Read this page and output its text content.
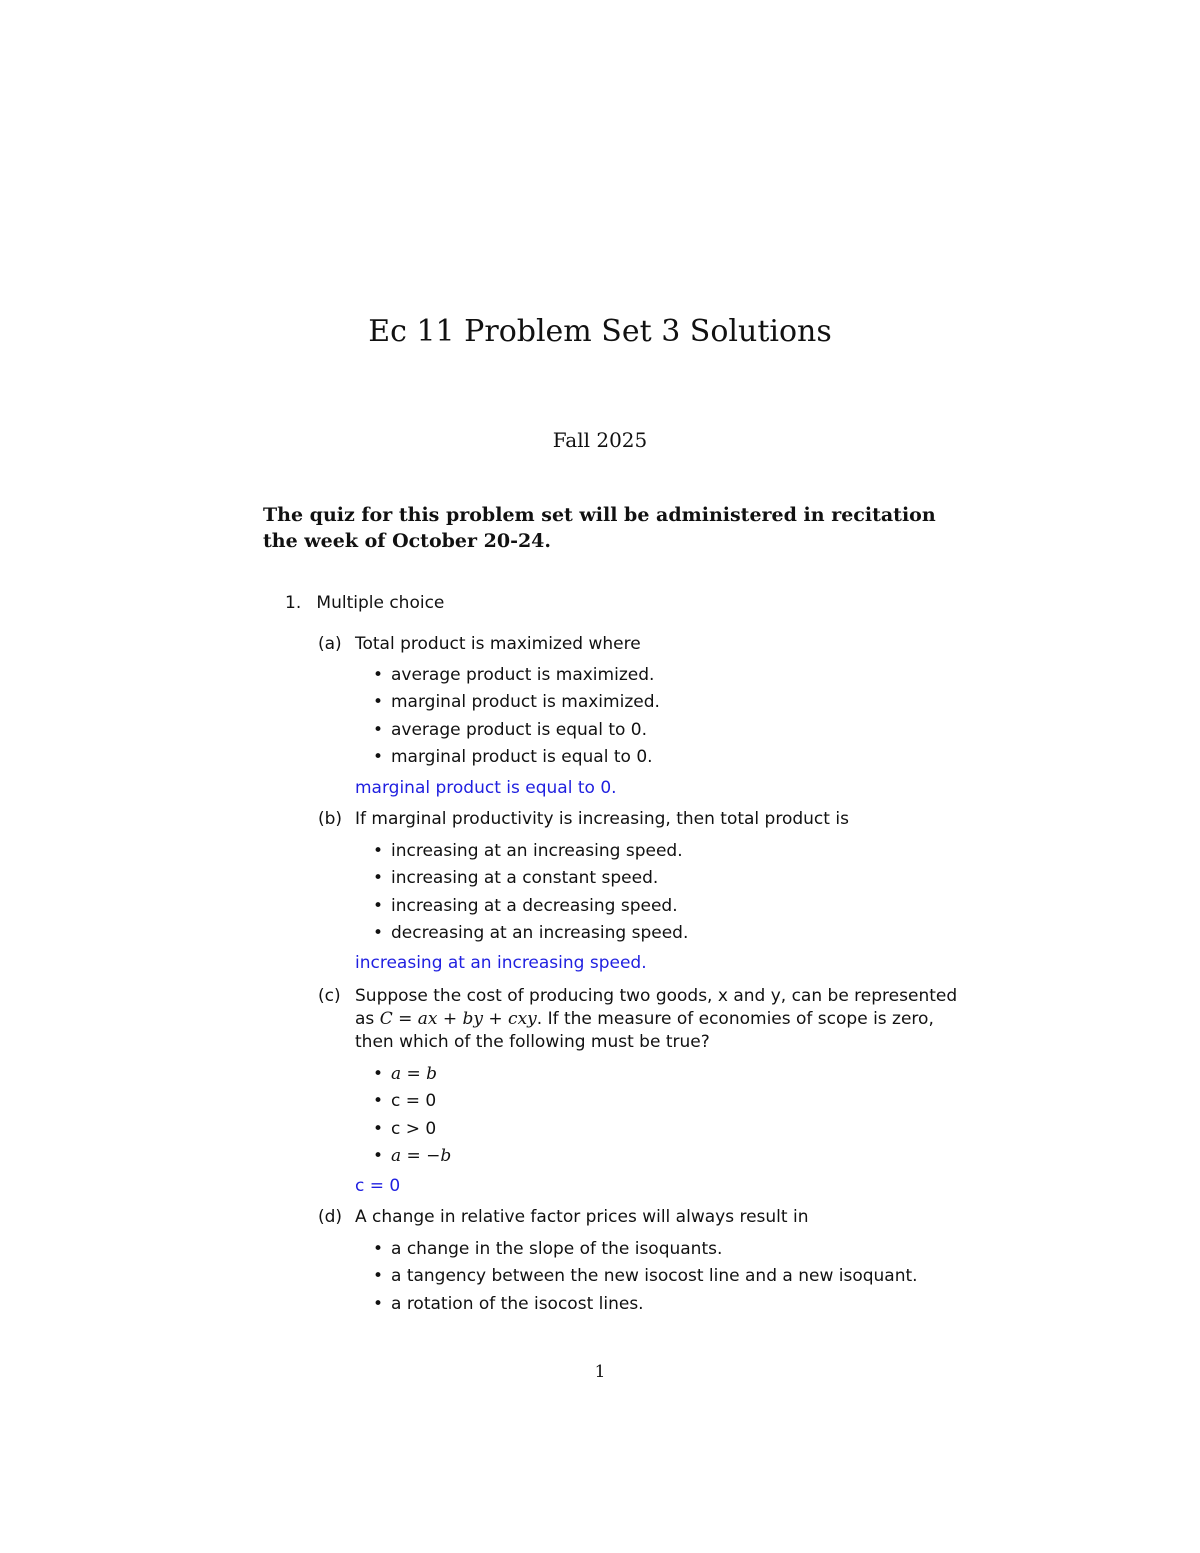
Ec 11 Problem Set 3 Solutions
Fall 2025

The quiz for this problem set will be administered in recitation the week of October 20-24.

1. Multiple choice
(a) Total product is maximized where
• average product is maximized.
• marginal product is maximized.
• average product is equal to 0.
• marginal product is equal to 0.
marginal product is equal to 0.
(b) If marginal productivity is increasing, then total product is
• increasing at an increasing speed.
• increasing at a constant speed.
• increasing at a decreasing speed.
• decreasing at an increasing speed.
increasing at an increasing speed.
(c) Suppose the cost of producing two goods, x and y, can be represented
as C = ax + by + cxy. If the measure of economies of scope is zero,
then which of the following must be true?
• a = b
• c = 0
• c > 0
• a = −b
c = 0
(d) A change in relative factor prices will always result in
• a change in the slope of the isoquants.
• a tangency between the new isocost line and a new isoquant.
• a rotation of the isocost lines.
1
